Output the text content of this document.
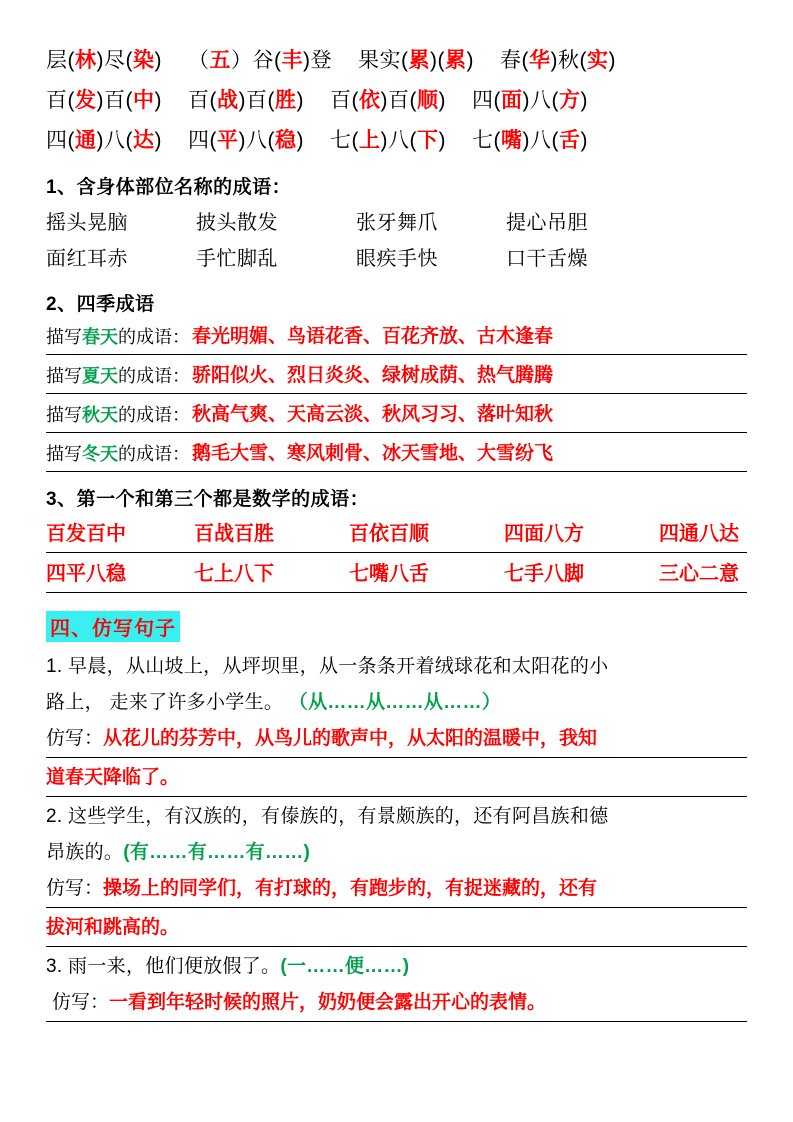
层(林)尽(染) （五）谷(丰)登 果实(累)(累) 春(华)秋(实)
百(发)百(中) 百(战)百(胜) 百(依)百(顺) 四(面)八(方)
四(通)八(达) 四(平)八(稳) 七(上)八(下) 七(嘴)八(舌)
1、含身体部位名称的成语：
摇头晃脑	披头散发	张牙舞爪	提心吊胆
面红耳赤	手忙脚乱	眼疾手快	口干舌燥
2、四季成语
描写春天的成语： 春光明媚、鸟语花香、百花齐放、古木逢春
描写夏天的成语： 骄阳似火、烈日炎炎、绿树成荫、热气腾腾
描写秋天的成语： 秋高气爽、天高云淡、秋风习习、落叶知秋
描写冬天的成语： 鹅毛大雪、寒风刺骨、冰天雪地、大雪纷飞
3、第一个和第三个都是数学的成语：
百发百中	百战百胜	百依百顺	四面八方	四通八达
四平八稳	七上八下	七嘴八舌	七手八脚	三心二意
四、仿写句子
1. 早晨，从山坡上，从坪坝里，从一条条开着绒球花和太阳花的小
路上， 走来了许多小学生。 （从……从……从……）
仿写：从花儿的芬芳中，从鸟儿的歌声中，从太阳的温暖中，我知
道春天降临了。
2. 这些学生，有汉族的，有傣族的，有景颇族的，还有阿昌族和德
昂族的。(有……有……有……)
仿写：操场上的同学们，有打球的，有跑步的，有捉迷藏的，还有
拔河和跳高的。
3. 雨一来，他们便放假了。(一……便……)
仿写：一看到年轻时候的照片，奶奶便会露出开心的表情。
